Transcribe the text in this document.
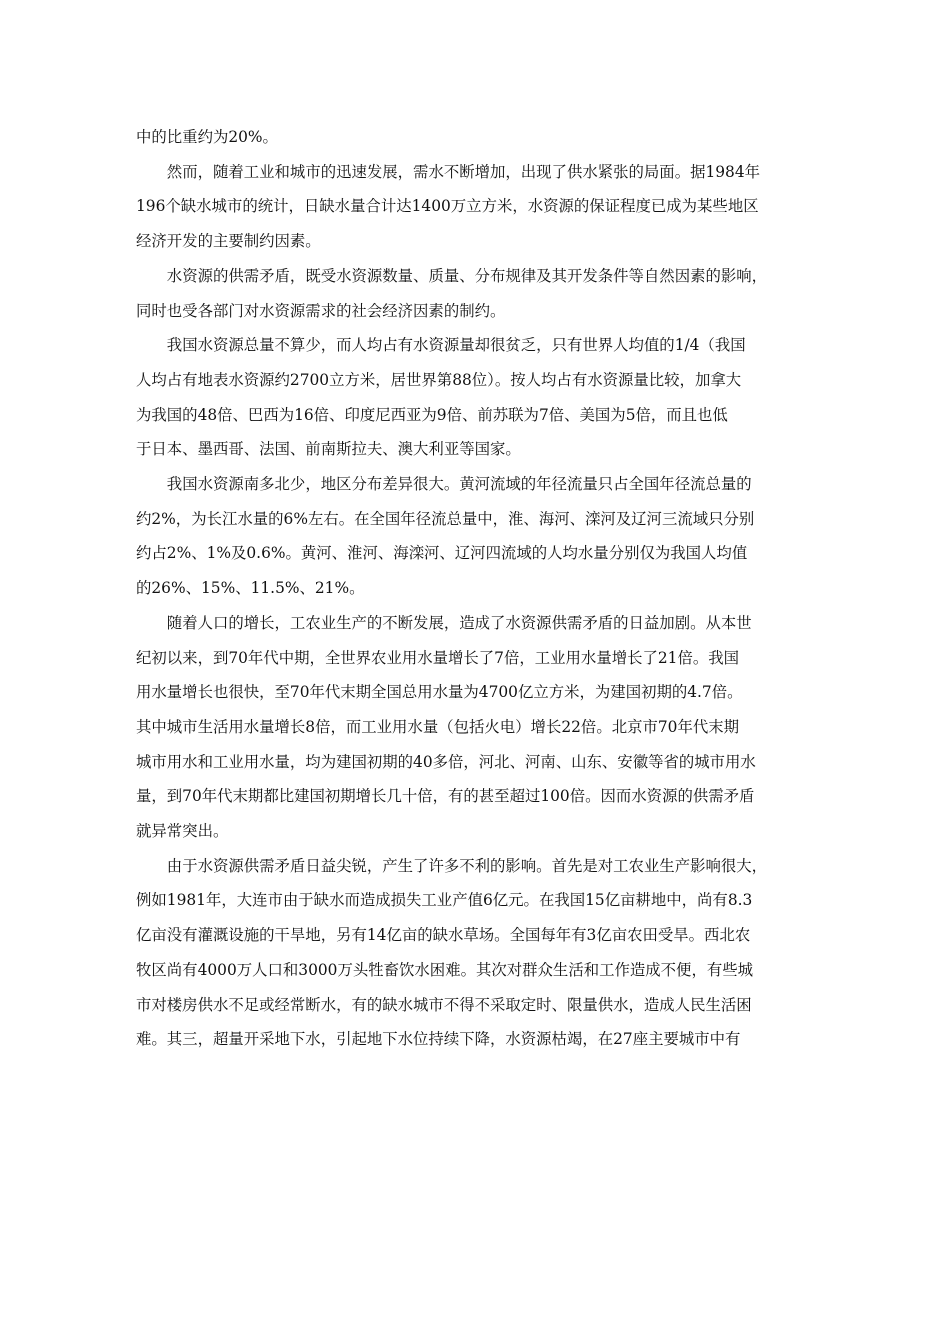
中的比重约为20%。

然而，随着工业和城市的迅速发展，需水不断增加，出现了供水紧张的局面。据1984年
196个缺水城市的统计，日缺水量合计达1400万立方米，水资源的保证程度已成为某些地区
经济开发的主要制约因素。

水资源的供需矛盾，既受水资源数量、质量、分布规律及其开发条件等自然因素的影响，
同时也受各部门对水资源需求的社会经济因素的制约。

我国水资源总量不算少，而人均占有水资源量却很贫乏，只有世界人均值的1/4（我国
人均占有地表水资源约2700立方米，居世界第88位）。按人均占有水资源量比较，加拿大
为我国的48倍、巴西为16倍、印度尼西亚为9倍、前苏联为7倍、美国为5倍，而且也低
于日本、墨西哥、法国、前南斯拉夫、澳大利亚等国家。

我国水资源南多北少，地区分布差异很大。黄河流域的年径流量只占全国年径流总量的
约2%，为长江水量的6%左右。在全国年径流总量中，淮、海河、滦河及辽河三流域只分别
约占2%、1%及0.6%。黄河、淮河、海滦河、辽河四流域的人均水量分别仅为我国人均值
的26%、15%、11.5%、21%。

随着人口的增长，工农业生产的不断发展，造成了水资源供需矛盾的日益加剧。从本世
纪初以来，到70年代中期，全世界农业用水量增长了7倍，工业用水量增长了21倍。我国
用水量增长也很快，至70年代末期全国总用水量为4700亿立方米，为建国初期的4.7倍。
其中城市生活用水量增长8倍，而工业用水量（包括火电）增长22倍。北京市70年代末期
城市用水和工业用水量，均为建国初期的40多倍，河北、河南、山东、安徽等省的城市用水
量，到70年代末期都比建国初期增长几十倍，有的甚至超过100倍。因而水资源的供需矛盾
就异常突出。

由于水资源供需矛盾日益尖锐，产生了许多不利的影响。首先是对工农业生产影响很大，
例如1981年，大连市由于缺水而造成损失工业产值6亿元。在我国15亿亩耕地中，尚有8.3
亿亩没有灌溉设施的干旱地，另有14亿亩的缺水草场。全国每年有3亿亩农田受旱。西北农
牧区尚有4000万人口和3000万头牲畜饮水困难。其次对群众生活和工作造成不便，有些城
市对楼房供水不足或经常断水，有的缺水城市不得不采取定时、限量供水，造成人民生活困
难。其三，超量开采地下水，引起地下水位持续下降，水资源枯竭，在27座主要城市中有
